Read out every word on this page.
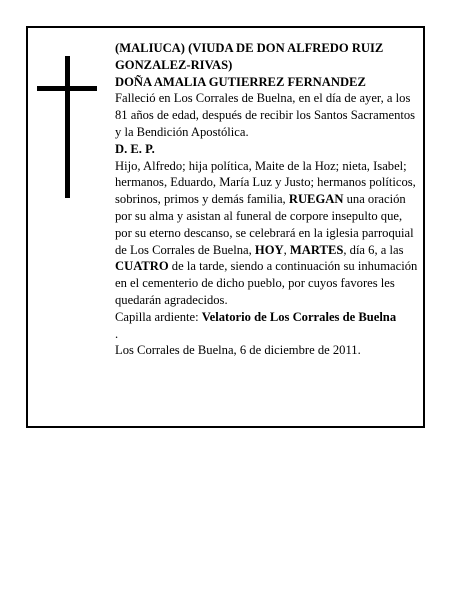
(MALIUCA) (VIUDA DE DON ALFREDO RUIZ GONZALEZ-RIVAS)

DOÑA AMALIA GUTIERREZ FERNANDEZ

Falleció en Los Corrales de Buelna, en el día de ayer, a los 81 años de edad, después de recibir los Santos Sacramentos y la Bendición Apostólica.

D. E. P.

Hijo, Alfredo; hija política, Maite de la Hoz; nieta, Isabel; hermanos, Eduardo, María Luz y Justo; hermanos políticos, sobrinos, primos y demás familia, RUEGAN una oración por su alma y asistan al funeral de corpore insepulto que, por su eterno descanso, se celebrará en la iglesia parroquial de Los Corrales de Buelna, HOY, MARTES, día 6, a las CUATRO de la tarde, siendo a continuación su inhumación en el cementerio de dicho pueblo, por cuyos favores les quedarán agradecidos.

Capilla ardiente: Velatorio de Los Corrales de Buelna

.

Los Corrales de Buelna, 6 de diciembre de 2011.
